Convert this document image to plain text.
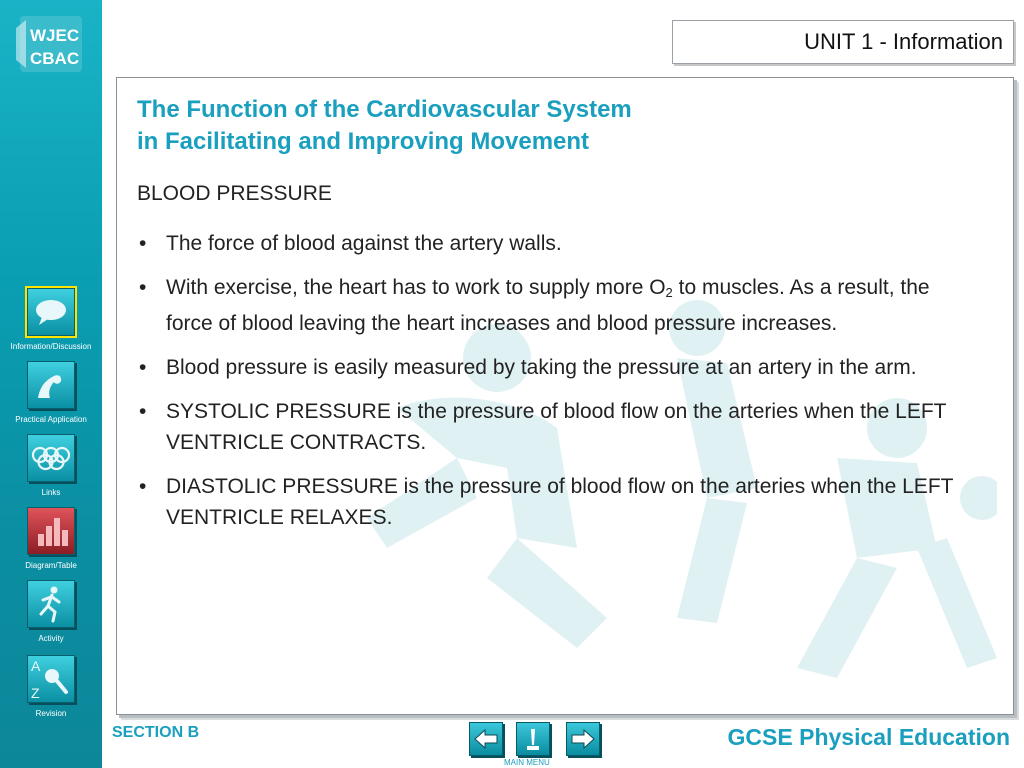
WJEC
CBAC
Information/Discussion
Practical Application
Links
Diagram/Table
Activity
A
Z
Revision
UNIT 1 - Information
The Function of the Cardiovascular System
in Facilitating and Improving Movement
BLOOD PRESSURE
• The force of blood against the artery walls.
• With exercise, the heart has to work to supply more $O_2$ to muscles. As a result, the force of blood leaving the heart increases and blood pressure increases.
• Blood pressure is easily measured by taking the pressure at an artery in the arm.
• SYSTOLIC PRESSURE is the pressure of blood flow on the arteries when the LEFT VENTRICLE CONTRACTS.
• DIASTOLIC PRESSURE is the pressure of blood flow on the arteries when the LEFT VENTRICLE RELAXES.
SECTION B
MAIN MENU
GCSE Physical Education
